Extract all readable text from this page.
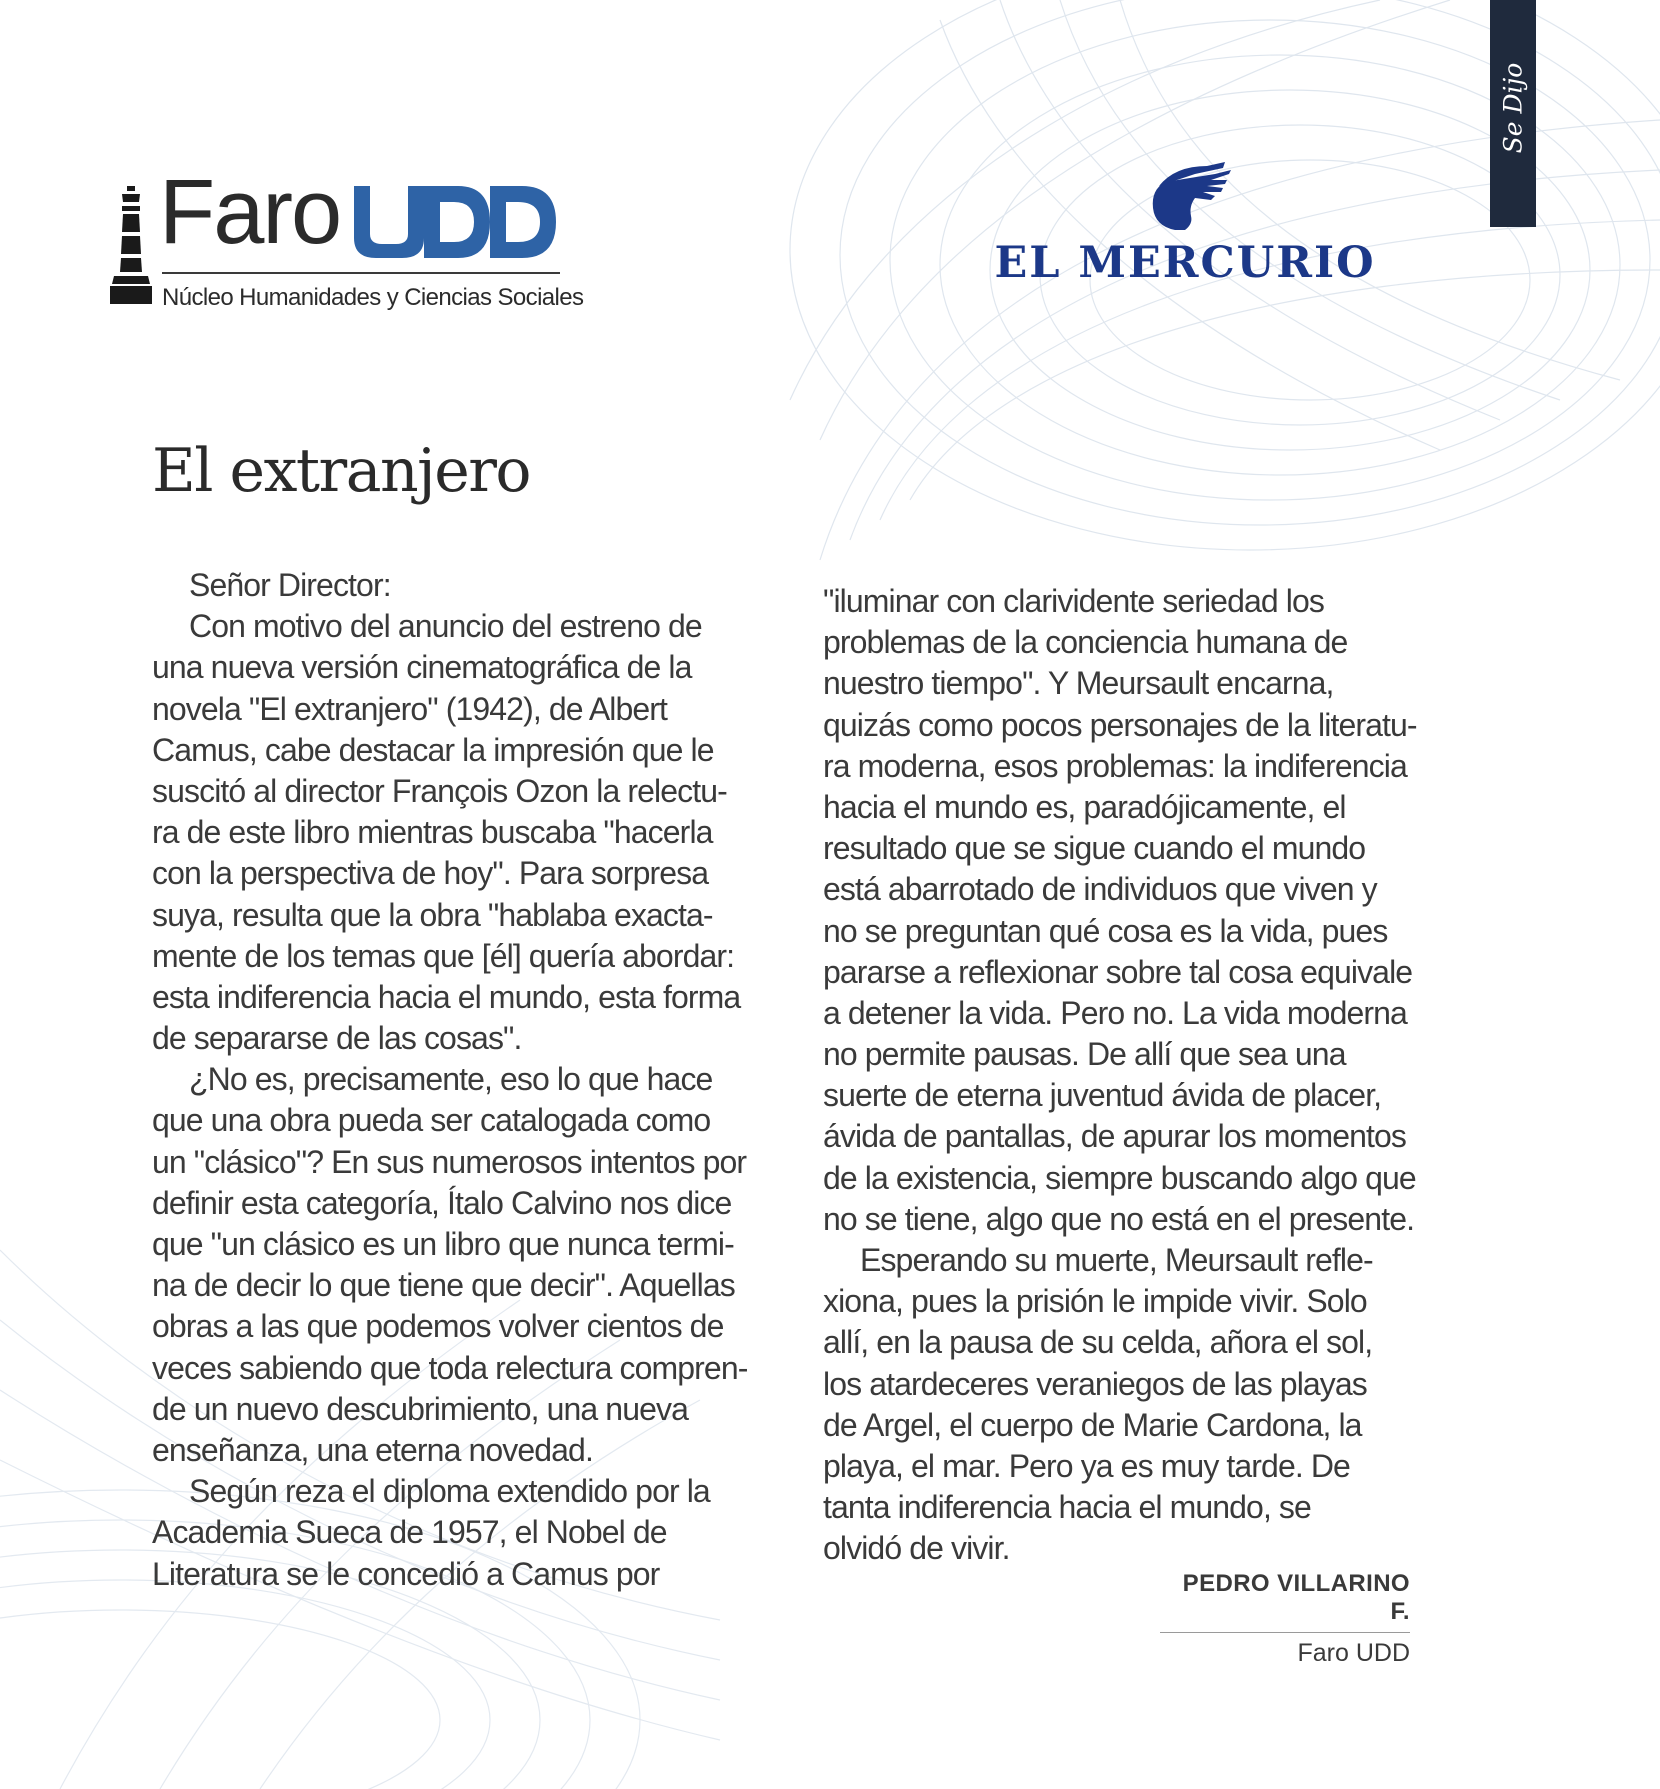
Se Dijo
Faro
Núcleo Humanidades y Ciencias Sociales
EL MERCURIO
El extranjero
Señor Director:
Con motivo del anuncio del estreno de
una nueva versión cinematográfica de la
novela "El extranjero" (1942), de Albert
Camus, cabe destacar la impresión que le
suscitó al director François Ozon la relectu-
ra de este libro mientras buscaba "hacerla
con la perspectiva de hoy". Para sorpresa
suya, resulta que la obra "hablaba exacta-
mente de los temas que [él] quería abordar:
esta indiferencia hacia el mundo, esta forma
de separarse de las cosas".
¿No es, precisamente, eso lo que hace
que una obra pueda ser catalogada como
un "clásico"? En sus numerosos intentos por
definir esta categoría, Ítalo Calvino nos dice
que "un clásico es un libro que nunca termi-
na de decir lo que tiene que decir". Aquellas
obras a las que podemos volver cientos de
veces sabiendo que toda relectura compren-
de un nuevo descubrimiento, una nueva
enseñanza, una eterna novedad.
Según reza el diploma extendido por la
Academia Sueca de 1957, el Nobel de
Literatura se le concedió a Camus por
"iluminar con clarividente seriedad los
problemas de la conciencia humana de
nuestro tiempo". Y Meursault encarna,
quizás como pocos personajes de la literatu-
ra moderna, esos problemas: la indiferencia
hacia el mundo es, paradójicamente, el
resultado que se sigue cuando el mundo
está abarrotado de individuos que viven y
no se preguntan qué cosa es la vida, pues
pararse a reflexionar sobre tal cosa equivale
a detener la vida. Pero no. La vida moderna
no permite pausas. De allí que sea una
suerte de eterna juventud ávida de placer,
ávida de pantallas, de apurar los momentos
de la existencia, siempre buscando algo que
no se tiene, algo que no está en el presente.
Esperando su muerte, Meursault refle-
xiona, pues la prisión le impide vivir. Solo
allí, en la pausa de su celda, añora el sol,
los atardeceres veraniegos de las playas
de Argel, el cuerpo de Marie Cardona, la
playa, el mar. Pero ya es muy tarde. De
tanta indiferencia hacia el mundo, se
olvidó de vivir.
PEDRO VILLARINO F.
Faro UDD
